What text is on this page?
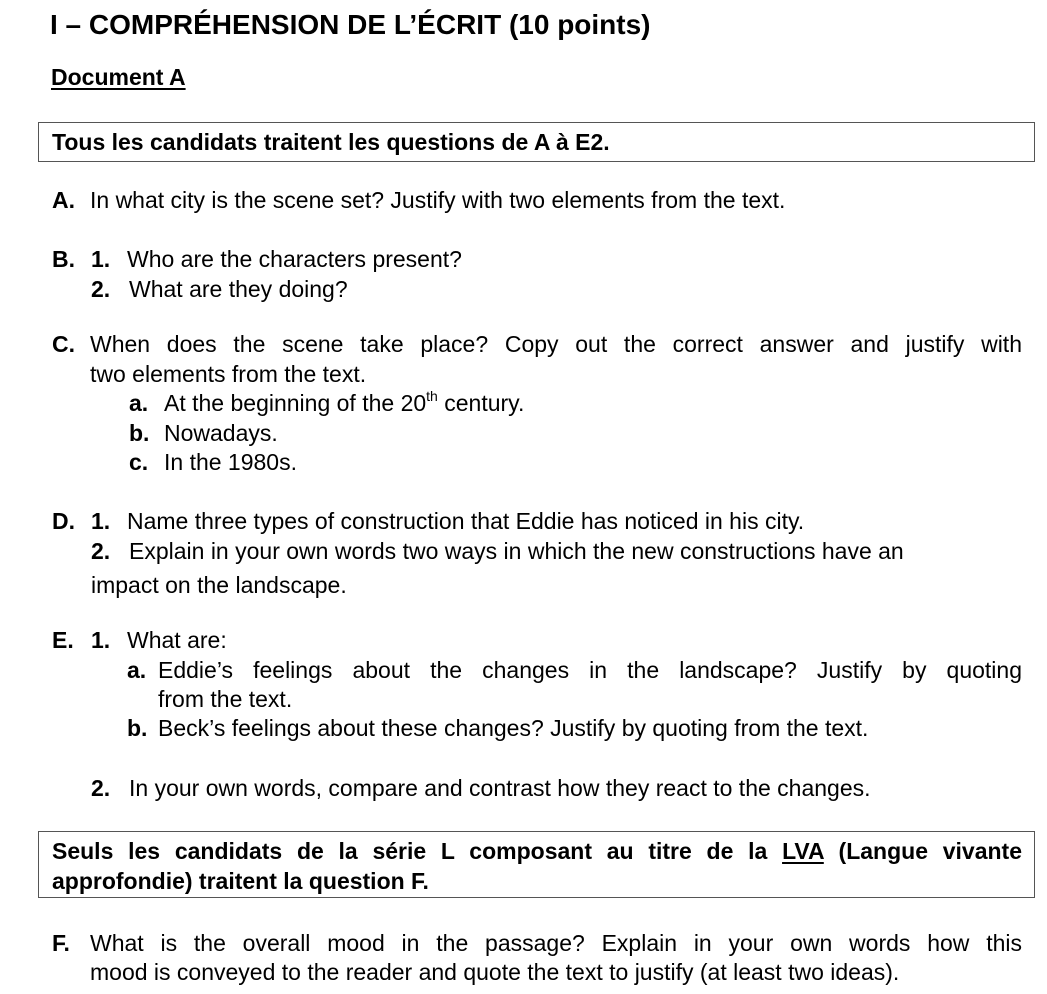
I – COMPRÉHENSION DE L’ÉCRIT (10 points)
Document A
Tous les candidats traitent les questions de A à E2.
A. In what city is the scene set? Justify with two elements from the text.
B. 1. Who are the characters present?
2. What are they doing?
C. When does the scene take place? Copy out the correct answer and justify with
two elements from the text.
a. At the beginning of the 20th century.
b. Nowadays.
c. In the 1980s.
D. 1. Name three types of construction that Eddie has noticed in his city.
2. Explain in your own words two ways in which the new constructions have an
impact on the landscape.
E. 1. What are:
a. Eddie’s feelings about the changes in the landscape? Justify by quoting
from the text.
b. Beck’s feelings about these changes? Justify by quoting from the text.
2. In your own words, compare and contrast how they react to the changes.
Seuls les candidats de la série L composant au titre de la LVA (Langue vivante
approfondie) traitent la question F.
F. What is the overall mood in the passage? Explain in your own words how this
mood is conveyed to the reader and quote the text to justify (at least two ideas).
